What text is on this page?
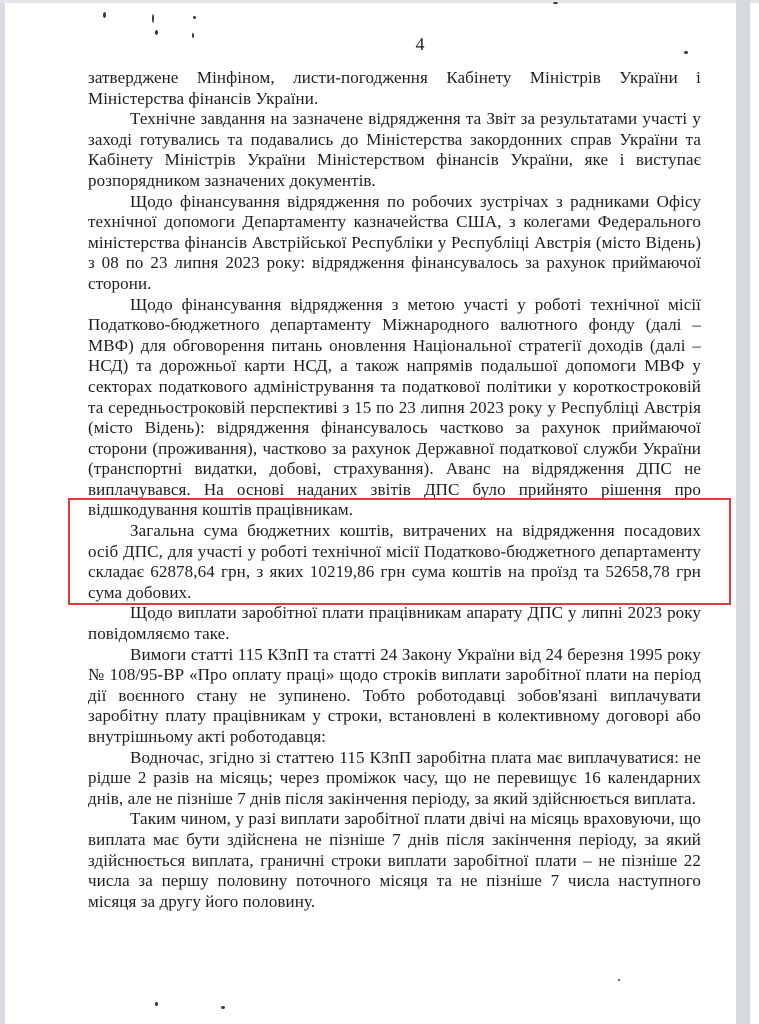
4

затверджене Мінфіном, листи-погодження Кабінету Міністрів України і Міністерства фінансів України.

Технічне завдання на зазначене відрядження та Звіт за результатами участі у заході готувались та подавались до Міністерства закордонних справ України та Кабінету Міністрів України Міністерством фінансів України, яке і виступає розпорядником зазначених документів.

Щодо фінансування відрядження по робочих зустрічах з радниками Офісу технічної допомоги Департаменту казначейства США, з колегами Федерального міністерства фінансів Австрійської Республіки у Республіці Австрія (місто Відень) з 08 по 23 липня 2023 року: відрядження фінансувалось за рахунок приймаючої сторони.

Щодо фінансування відрядження з метою участі у роботі технічної місії Податково-бюджетного департаменту Міжнародного валютного фонду (далі – МВФ) для обговорення питань оновлення Національної стратегії доходів (далі – НСД) та дорожньої карти НСД, а також напрямів подальшої допомоги МВФ у секторах податкового адміністрування та податкової політики у короткостроковій та середньостроковій перспективі з 15 по 23 липня 2023 року у Республіці Австрія (місто Відень): відрядження фінансувалось частково за рахунок приймаючої сторони (проживання), частково за рахунок Державної податкової служби України (транспортні видатки, добові, страхування). Аванс на відрядження ДПС не виплачувався. На основі наданих звітів ДПС було прийнято рішення про відшкодування коштів працівникам.

Загальна сума бюджетних коштів, витрачених на відрядження посадових осіб ДПС, для участі у роботі технічної місії Податково-бюджетного департаменту складає 62878,64 грн, з яких 10219,86 грн сума коштів на проїзд та 52658,78 грн сума добових.

Щодо виплати заробітної плати працівникам апарату ДПС у липні 2023 року повідомляємо таке.

Вимоги статті 115 КЗпП та статті 24 Закону України від 24 березня 1995 року № 108/95-ВР «Про оплату праці» щодо строків виплати заробітної плати на період дії воєнного стану не зупинено. Тобто роботодавці зобов'язані виплачувати заробітну плату працівникам у строки, встановлені в колективному договорі або внутрішньому акті роботодавця:

Водночас, згідно зі статтею 115 КЗпП заробітна плата має виплачуватися: не рідше 2 разів на місяць; через проміжок часу, що не перевищує 16 календарних днів, але не пізніше 7 днів після закінчення періоду, за який здійснюється виплата.

Таким чином, у разі виплати заробітної плати двічі на місяць враховуючи, що виплата має бути здійснена не пізніше 7 днів після закінчення періоду, за який здійснюється виплата, граничні строки виплати заробітної плати – не пізніше 22 числа за першу половину поточного місяця та не пізніше 7 числа наступного місяця за другу його половину.
